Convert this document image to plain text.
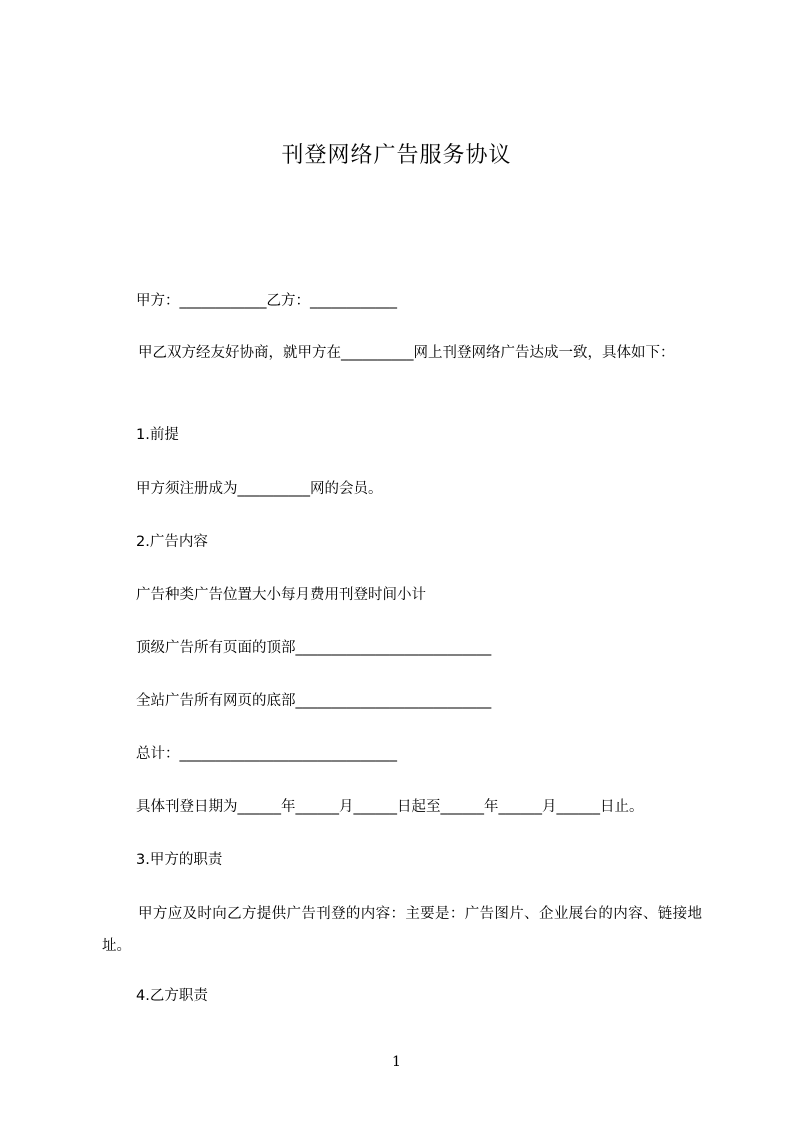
刊登网络广告服务协议
甲方：____________乙方：____________
甲乙双方经友好协商，就甲方在__________网上刊登网络广告达成一致，具体如下：
1.前提
甲方须注册成为__________网的会员。
2.广告内容
广告种类广告位置大小每月费用刊登时间小计
顶级广告所有页面的顶部___________________________
全站广告所有网页的底部___________________________
总计：______________________________
具体刊登日期为______年______月______日起至______年______月______日止。
3.甲方的职责
甲方应及时向乙方提供广告刊登的内容：主要是：广告图片、企业展台的内容、链接地址。
4.乙方职责
1
